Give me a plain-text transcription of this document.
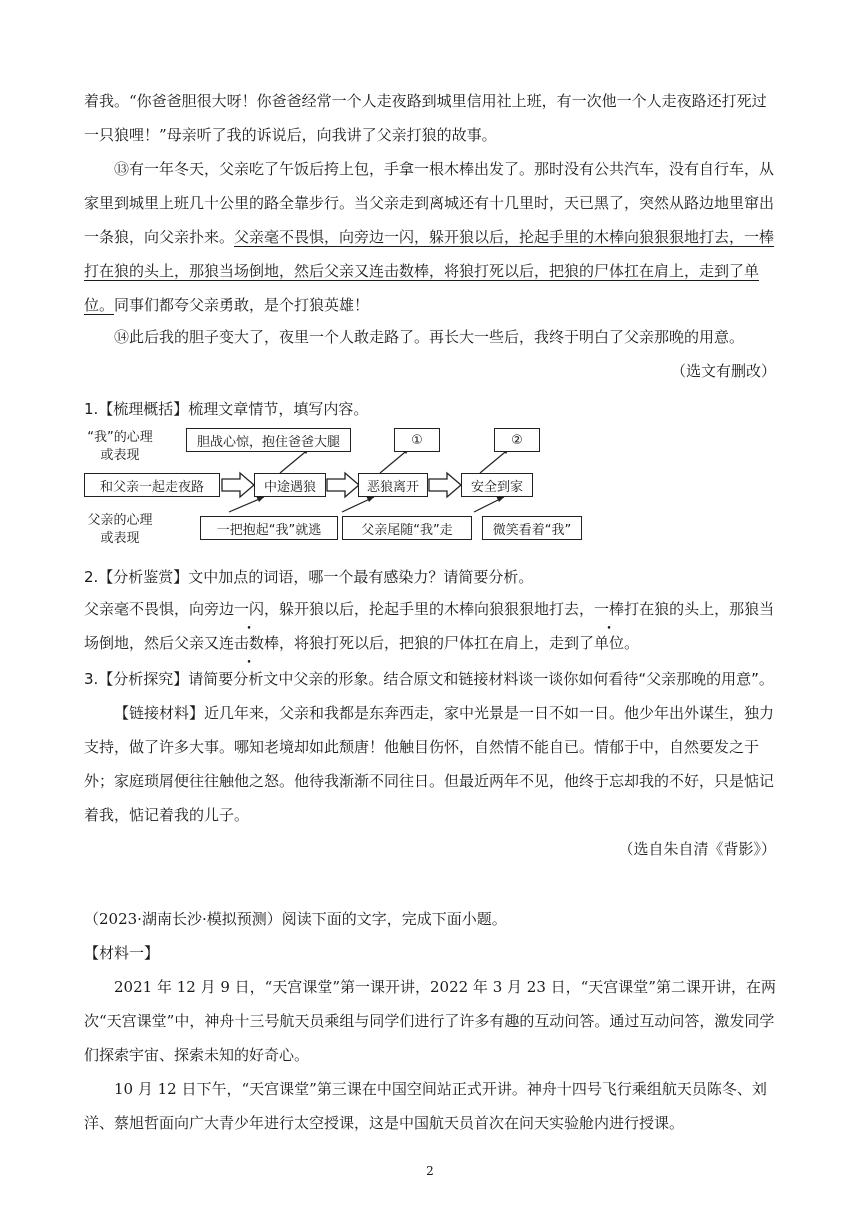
着我。“你爸爸胆很大呀！你爸爸经常一个人走夜路到城里信用社上班，有一次他一个人走夜路还打死过一只狼哩！”母亲听了我的诉说后，向我讲了父亲打狼的故事。

⑬有一年冬天，父亲吃了午饭后挎上包，手拿一根木棒出发了。那时没有公共汽车，没有自行车，从家里到城里上班几十公里的路全靠步行。当父亲走到离城还有十几里时，天已黑了，突然从路边地里窜出一条狼，向父亲扑来。父亲毫不畏惧，向旁边一闪，躲开狼以后，抡起手里的木棒向狼狠狠地打去，一棒打在狼的头上，那狼当场倒地，然后父亲又连击数棒，将狼打死以后，把狼的尸体扛在肩上，走到了单位。同事们都夸父亲勇敢，是个打狼英雄！

⑭此后我的胆子变大了，夜里一个人敢走路了。再长大一些后，我终于明白了父亲那晚的用意。

（选文有删改）

1.【梳理概括】梳理文章情节，填写内容。

“我”的心理
或表现
父亲的心理
或表现
和父亲一起走夜路	中途遇狼	恶狼离开	安全到家
胆战心惊，抱住爸爸大腿	①	②
一把抱起“我”就逃	父亲尾随“我”走	微笑看着“我”

2.【分析鉴赏】文中加点的词语，哪一个最有感染力？请简要分析。

父亲毫不畏惧，向旁边一闪，躲开狼以后，抡起手里的木棒向狼狠狠地打去，一棒打在狼的头上，那狼当场倒地，然后父亲又连击数棒，将狼打死以后，把狼的尸体扛在肩上，走到了单位。

3.【分析探究】请简要分析文中父亲的形象。结合原文和链接材料谈一谈你如何看待“父亲那晚的用意”。

【链接材料】近几年来，父亲和我都是东奔西走，家中光景是一日不如一日。他少年出外谋生，独力支持，做了许多大事。哪知老境却如此颓唐！他触目伤怀，自然情不能自已。情郁于中，自然要发之于外；家庭琐屑便往往触他之怒。他待我渐渐不同往日。但最近两年不见，他终于忘却我的不好，只是惦记着我，惦记着我的儿子。

（选自朱自清《背影》）

（2023·湖南长沙·模拟预测）阅读下面的文字，完成下面小题。

【材料一】

2021 年 12 月 9 日，“天宫课堂”第一课开讲，2022 年 3 月 23 日，“天宫课堂”第二课开讲，在两次“天宫课堂”中，神舟十三号航天员乘组与同学们进行了许多有趣的互动问答。通过互动问答，激发同学们探索宇宙、探索未知的好奇心。

10 月 12 日下午，“天宫课堂”第三课在中国空间站正式开讲。神舟十四号飞行乘组航天员陈冬、刘洋、蔡旭哲面向广大青少年进行太空授课，这是中国航天员首次在问天实验舱内进行授课。

2
